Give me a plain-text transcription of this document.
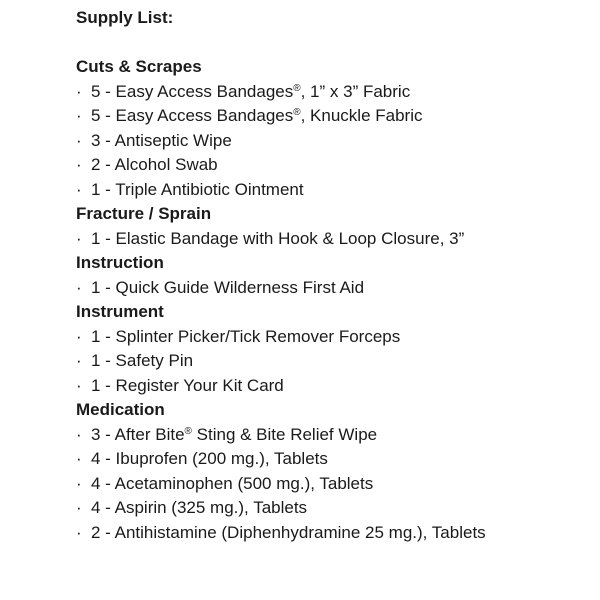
Supply List:
Cuts & Scrapes
· 5 - Easy Access Bandages®, 1” x 3” Fabric
· 5 - Easy Access Bandages®, Knuckle Fabric
· 3 - Antiseptic Wipe
· 2 - Alcohol Swab
· 1 - Triple Antibiotic Ointment
Fracture / Sprain
· 1 - Elastic Bandage with Hook & Loop Closure, 3”
Instruction
· 1 - Quick Guide Wilderness First Aid
Instrument
· 1 - Splinter Picker/Tick Remover Forceps
· 1 - Safety Pin
· 1 - Register Your Kit Card
Medication
· 3 - After Bite® Sting & Bite Relief Wipe
· 4 - Ibuprofen (200 mg.), Tablets
· 4 - Acetaminophen (500 mg.), Tablets
· 4 - Aspirin (325 mg.), Tablets
· 2 - Antihistamine (Diphenhydramine 25 mg.), Tablets
